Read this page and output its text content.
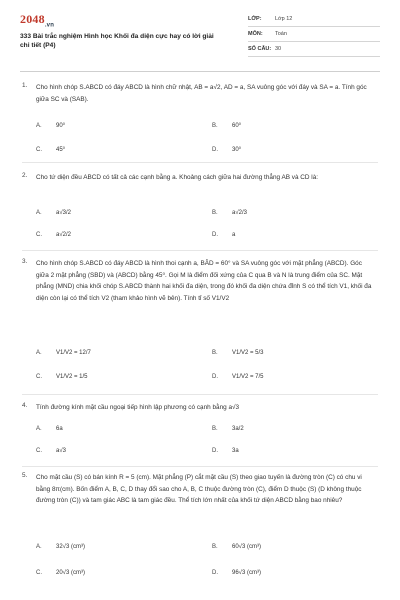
$2048_{.vn}$
333 Bài trắc nghiệm Hình học Khối đa diện cực hay có lời giải chi tiết (P4)
LỚP:	Lớp 12
MÔN:	Toán
SỐ CÂU: 30
1. Cho hình chóp S.ABCD có đáy ABCD là hình chữ nhật, AB = a√2, AD = a, SA vuông góc với đáy và SA = a. Tính góc giữa SC và (SAB).
A.	90⁰	B.	60⁰
C.	45⁰	D.	30⁰
2. Cho tứ diện đều ABCD có tất cả các cạnh bằng a. Khoảng cách giữa hai đường thẳng AB và CD là:
A.	a√3/2	B.	a√2/3
C.	a√2/2	D.	a
3. Cho hình chóp S.ABCD có đáy ABCD là hình thoi cạnh a, BÂD = 60° và SA vuông góc với mặt phẳng (ABCD). Góc giữa 2 mặt phẳng (SBD) và (ABCD) bằng 45⁰. Gọi M là điểm đối xứng của C qua B và N là trung điểm của SC. Mặt phẳng (MND) chia khối chóp S.ABCD thành hai khối đa diện, trong đó khối đa diện chứa đỉnh S có thể tích V1, khối đa diện còn lại có thể tích V2 (tham khảo hình vẽ bên). Tính tỉ số V1/V2
A.	V1/V2 = 12/7	B.	V1/V2 = 5/3
C.	V1/V2 = 1/5	D.	V1/V2 = 7/5
4. Tính đường kính mặt cầu ngoại tiếp hình lập phương có cạnh bằng a√3
A.	6a	B.	3a/2
C.	a√3	D.	3a
5. Cho mặt cầu (S) có bán kính R = 5 (cm). Mặt phẳng (P) cắt mặt cầu (S) theo giao tuyến là đường tròn (C) có chu vi bằng 8π(cm). Bốn điểm A, B, C, D thay đổi sao cho A, B, C thuộc đường tròn (C), điểm D thuộc (S) (D không thuộc đường tròn (C)) và tam giác ABC là tam giác đều. Thể tích lớn nhất của khối tứ diện ABCD bằng bao nhiêu?
A.	32√3 (cm³)	B.	60√3 (cm³)
C.	20√3 (cm³)	D.	96√3 (cm³)
